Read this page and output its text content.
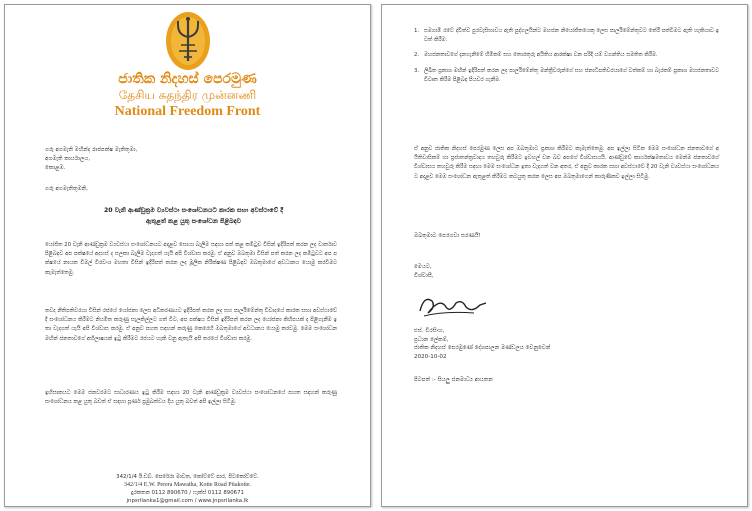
ජාතික නිදහස් පෙරමුණ
தேசிய சுதந்திர முன்னணி
National Freedom Front
ගරු අගමැති මහින්ද රාජපක්ෂ මැතිතුමා,
අගමැති කාර්යාලය,
කොළඹ.
ගරු අගමැතිතුමනි,
20 වැනි ආණ්ඩුක්‍රම ව්‍යවස්ථා සංශෝධනයට කාරක සභා අවස්ථාවේ දී
ඇතුළත් කළ යුතු සංශෝධන පිළිබඳව
යෝජිත 20 වැනි ආණ්ඩුක්‍රම ව්‍යවස්ථා සංශෝධනයට අදාළව සොයා බැලීම සඳහා පත් කළ කමිටුව විසින් ඉදිරිපත් කරන ලද වාර්තාව පිළිබඳව අප පක්ෂයේ අදහස් ද සලකා බැලීම වැදගත් යැයි අපි විශ්වාස කරමු. ඒ අනුව ඔබතුමා විසින් පත් කරන ලද කමිටුවට අප පක්ෂයේ නායක විමල් වීරවංශ මහතා විසින් ඉදිරිපත් කරන ලද මූලික නිරීක්ෂණ පිළිබඳව ඔබතුමාගේ අවධානය යොමු කරවීමට කැමැත්තෙමු.
තවද නීතිපතිවරයා විසින් රජයේ යෝජනා ලෙස අධිකරණයට ඉදිරිපත් කරන ලද සහ පාර්ලිමේන්තු විවාදයේ කාරක සභා අවස්ථාවේ දී සංශෝධනය කිරීමට නියමිත කරුණු සැලකිල්ලට ගත් විට, අප පක්ෂය විසින් ඉදිරිපත් කරන ලද යෝජනා කිහිපයක් ද පිළිගැනීම ඉතා වැදගත් යැයි අපි විශ්වාස කරමු. ඒ අනුව පහත සඳහන් කරුණු කෙරෙහි ඔබතුමාගේ අවධානය යොමු කරවමු. මෙම සංශෝධන මඟින් ජනතාවගේ අභිලාෂයන් ඉටු කිරීමට රජයට හැකි වනු ඇතැයි අපි තරයේ විශ්වාස කරමු.
ඉහිසාකයට මෙම ජනවරමට සාධාරණය ඉටු කිරීම සඳහා 20 වැනි ආණ්ඩුක්‍රම ව්‍යවස්ථා සංශෝධනයේ පහත සඳහන් කරුණු සංශෝධනය කළ යුතු බවත් ඒ සඳහා පූර්ණ ප්‍රමුඛත්වය දිය යුතු බවත් අපි ඉල්ලා සිටිමු.
342/1/4 ඊ.ඩබ්. පෙරේරා මාවත, කෝට්ටේ පාර, පිටකෝට්ටේ.
342/1/4 E.W. Perera Mawatha, Kotte Road Pitakotte.
දුරකතන 0112 890670 / ෆැක්ස් 0112 890671
jnpsrilanka1@gmail.com / www.jnpsrilanka.lk
1. සමගාමී රටේ ද්විත්ව පුරවැසිභාවය ඇති පුද්ගලයින්ට මහජන නියෝජිතයෙකු ලෙස පාර්ලිමේන්තුවට තේරී පත්වීමට ඇති හැකියාව ඉවත් කිරීම.
2. මහජනතාවගේ දැනගැනීමේ හිමිකම් සහ තොරතුරු අයිතිය ආරක්ෂා වන පරිදි යම් වගන්තිය සමතිත කිරීම.
3. ලිඛිත ප්‍රකාශ මඟින් ඉදිරිපත් කරන ලද පාර්ලිමේන්තු මන්ත්‍රීවරුන්ගේ සහ ජනාධිපතිවරයාගේ වත්කම් හා බැරකම් ප්‍රකාශ මහජනතාවට විවෘත කිරීම පිළිබඳ පියවර ගැනීම.
ඒ අනුව ජාතික නිදහස් පෙරමුණ ලෙස අප ඔබතුමාට ප්‍රකාශ කිරීමට කැමැත්තෙමු. අප ඉල්ලා සිටින මෙම සංශෝධන ජනතාවගේ අයිතිවාසිකම් හා ප්‍රජාතන්ත්‍රවාදය තහවුරු කිරීමට ඉවහල් වන බව අපගේ විශ්වාසයයි. ආණ්ඩුවේ කාර්යක්ෂමතාවය මෙන්ම ජනතාවගේ විශ්වාසය තහවුරු කිරීම සඳහා මෙම සංශෝධන ඉතා වැදගත් වන අතර, ඒ අනුව කාරක සභා අවස්ථාවේ දී 20 වැනි ව්‍යවස්ථා සංශෝධනයට අදාළව මෙම සංශෝධන ඇතුළත් කිරීමට කටයුතු කරන ලෙස අප ඔබතුමාගෙන් කාරුණිකව ඉල්ලා සිටිමු.
ඔබතුමාට පෙරගවා සරණයි!
මෙයට,
විශ්වාසී,
එස්. වීරසිංහ,
ප්‍රධාන ලේකම්,
ජාතික නිදහස් පෙරමුණේ දේශපාලන මණ්ඩලය වෙනුවෙන්
2020-10-02
පිටපත් :- සියලු ජනමාධ්‍ය ආයතන
